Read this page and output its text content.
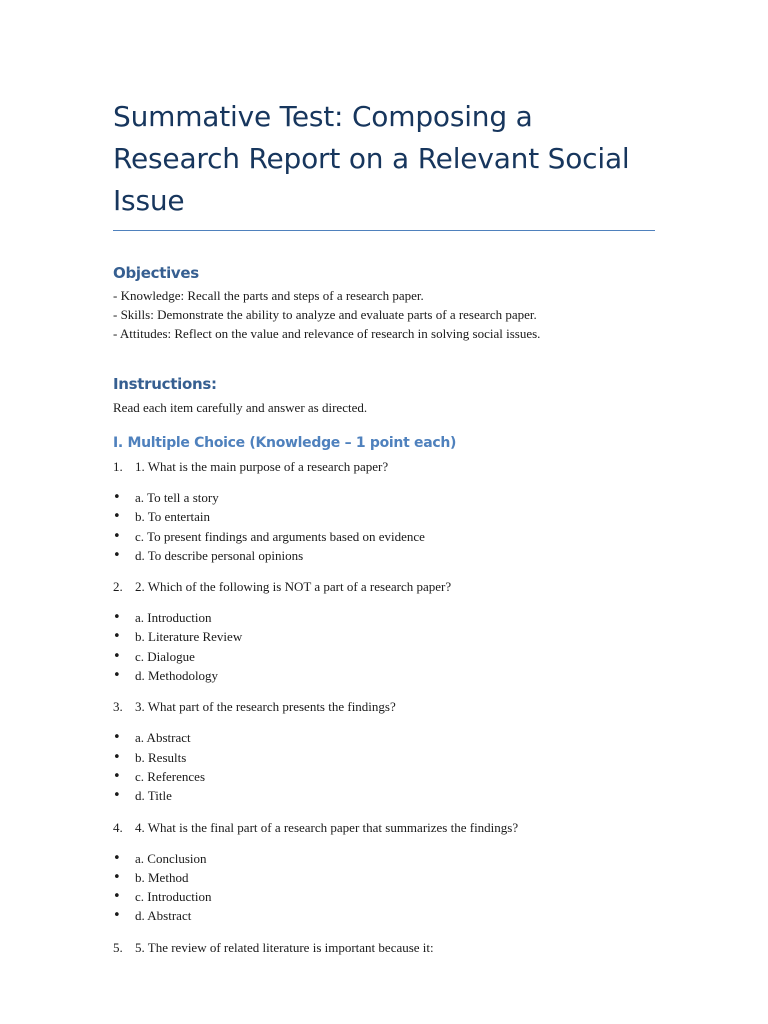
Summative Test: Composing a Research Report on a Relevant Social Issue
Objectives

- Knowledge: Recall the parts and steps of a research paper.

- Skills: Demonstrate the ability to analyze and evaluate parts of a research paper.

- Attitudes: Reflect on the value and relevance of research in solving social issues.

Instructions:

Read each item carefully and answer as directed.

I. Multiple Choice (Knowledge – 1 point each)

1. 1. What is the main purpose of a research paper?

• a. To tell a story
• b. To entertain
• c. To present findings and arguments based on evidence
• d. To describe personal opinions

2. 2. Which of the following is NOT a part of a research paper?

• a. Introduction
• b. Literature Review
• c. Dialogue
• d. Methodology

3. 3. What part of the research presents the findings?

• a. Abstract
• b. Results
• c. References
• d. Title

4. 4. What is the final part of a research paper that summarizes the findings?

• a. Conclusion
• b. Method
• c. Introduction
• d. Abstract

5. 5. The review of related literature is important because it:
